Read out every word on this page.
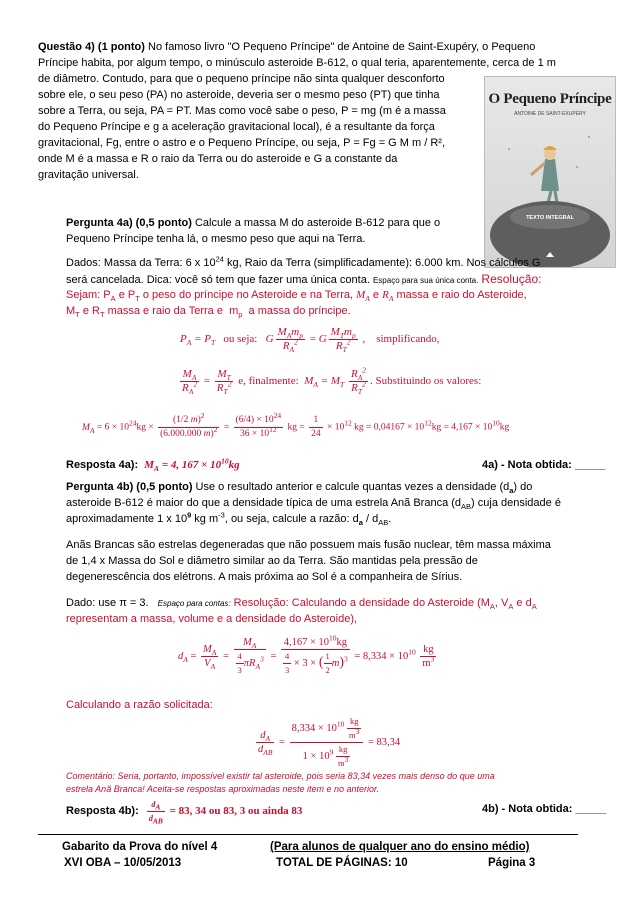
Questão 4) (1 ponto) No famoso livro "O Pequeno Príncipe" de Antoine de Saint-Exupéry, o Pequeno
Príncipe habita, por algum tempo, o minúsculo asteroide B-612, o qual teria, aparentemente, cerca de 1 m
de diâmetro. Contudo, para que o pequeno príncipe não sinta qualquer desconforto
sobre ele, o seu peso (PA) no asteroide, deveria ser o mesmo peso (PT) que tinha
sobre a Terra, ou seja, PA = PT. Mas como você sabe o peso, P = mg (m é a massa
do Pequeno Príncipe e g a aceleração gravitacional local), é a resultante da força
gravitacional, Fg, entre o astro e o Pequeno Príncipe, ou seja, P = Fg = G M m / R²,
onde M é a massa e R o raio da Terra ou do asteroide e G a constante da
gravitação universal.
O Pequeno Príncipe
ANTOINE DE SAINT-EXUPÉRY
TEXTO INTEGRAL
Pergunta 4a) (0,5 ponto) Calcule a massa M do asteroide B-612 para que o
Pequeno Príncipe tenha lá, o mesmo peso que aqui na Terra.
Dados: Massa da Terra: 6 x $10^{24}$ kg, Raio da Terra (simplificadamente): 6.000 km. Nos cálculos G
será cancelada. Dica: você só tem que fazer uma única conta. Espaço para sua única conta. Resolução:
Sejam: $P_A$ e $P_T$ o peso do príncipe no Asteroide e na Terra, $M_A$ e $R_A$ massa e raio do Asteroide,
$M_T$ e $R_T$ massa e raio da Terra e  $m_p$  a massa do príncipe.
$P_A = P_T$   ou seja:   G $\frac{M_Am_p}{R_A^2} = G \frac{M_Tm_p}{R_T^2}$ ,    simplificando,
$\frac{M_A}{R_A^2} = \frac{M_T}{R_T^2} e$, finalmente:  $M_A = M_T \frac{R_A^2}{R_T^2}$ . Substituindo os valores:
$M_A = 6 \times 10^{24}kg \times \frac{(1/2 m)^2}{(6.000.000 m)^2} = \frac{(6/4) \times 10^{24}}{36 \times 10^{12}}$ kg = $\frac{1}{24} \times 10^{12}$ kg = $0,04167 \times 10^{12}kg = 4,167 \times 10^{10}kg$
Resposta 4a): $M_A = 4$, $167 \times 10^{10}kg$	4a) - Nota obtida: _____
Pergunta 4b) (0,5 ponto) Use o resultado anterior e calcule quantas vezes a densidade $(d_a)$ do
asteroide B-612 é maior do que a densidade típica de uma estrela Anã Branca $(d_{AB})$ cuja densidade é
aproximadamente 1 x $10^9$ kg $m^{-3}$, ou seja, calcule a razão: $d_a / d_{AB}$.
Anãs Brancas são estrelas degeneradas que não possuem mais fusão nuclear, têm massa máxima
de 1,4 x Massa do Sol e diâmetro similar ao da Terra. São mantidas pela pressão de
degenerescência dos elétrons. A mais próxima ao Sol é a companheira de Sírius.
Dado: use π = 3. Espaço para contas: Resolução: Calculando a densidade do Asteroide ($M_A$, $V_A$ e $d_A$
representam a massa, volume e a densidade do Asteroide),
$d_A = \frac{M_A}{V_A} = \frac{M_A}{\frac{4}{3} \pi R_A^3} = \frac{4,167 \times 10^{10}kg}{\frac{4}{3} \times 3 \times ( \frac{1}{2} m)^3} = 8,334 \times 10^{10} \frac{kg}{m^3}$
Calculando a razão solicitada:
$\frac{d_A}{d_{AB}} = \frac{8,334 \times 10^{10} \frac{kg}{m^3}}{1 \times 10^9 \frac{kg}{m^3}} = 83,34$
Comentário: Seria, portanto, impossível existir tal asteroide, pois seria 83,34 vezes mais denso do que uma
estrela Anã Branca! Aceita-se respostas aproximadas neste item e no anterior.
Resposta 4b): $\frac{d_A}{d_{AB}} = 83$, 34 ou 83, 3 ou ainda 83	4b) - Nota obtida: _____
Gabarito da Prova do nível 4
XVI OBA – 10/05/2013
(Para alunos de qualquer ano do ensino médio)
TOTAL DE PÁGINAS: 10	Página 3
